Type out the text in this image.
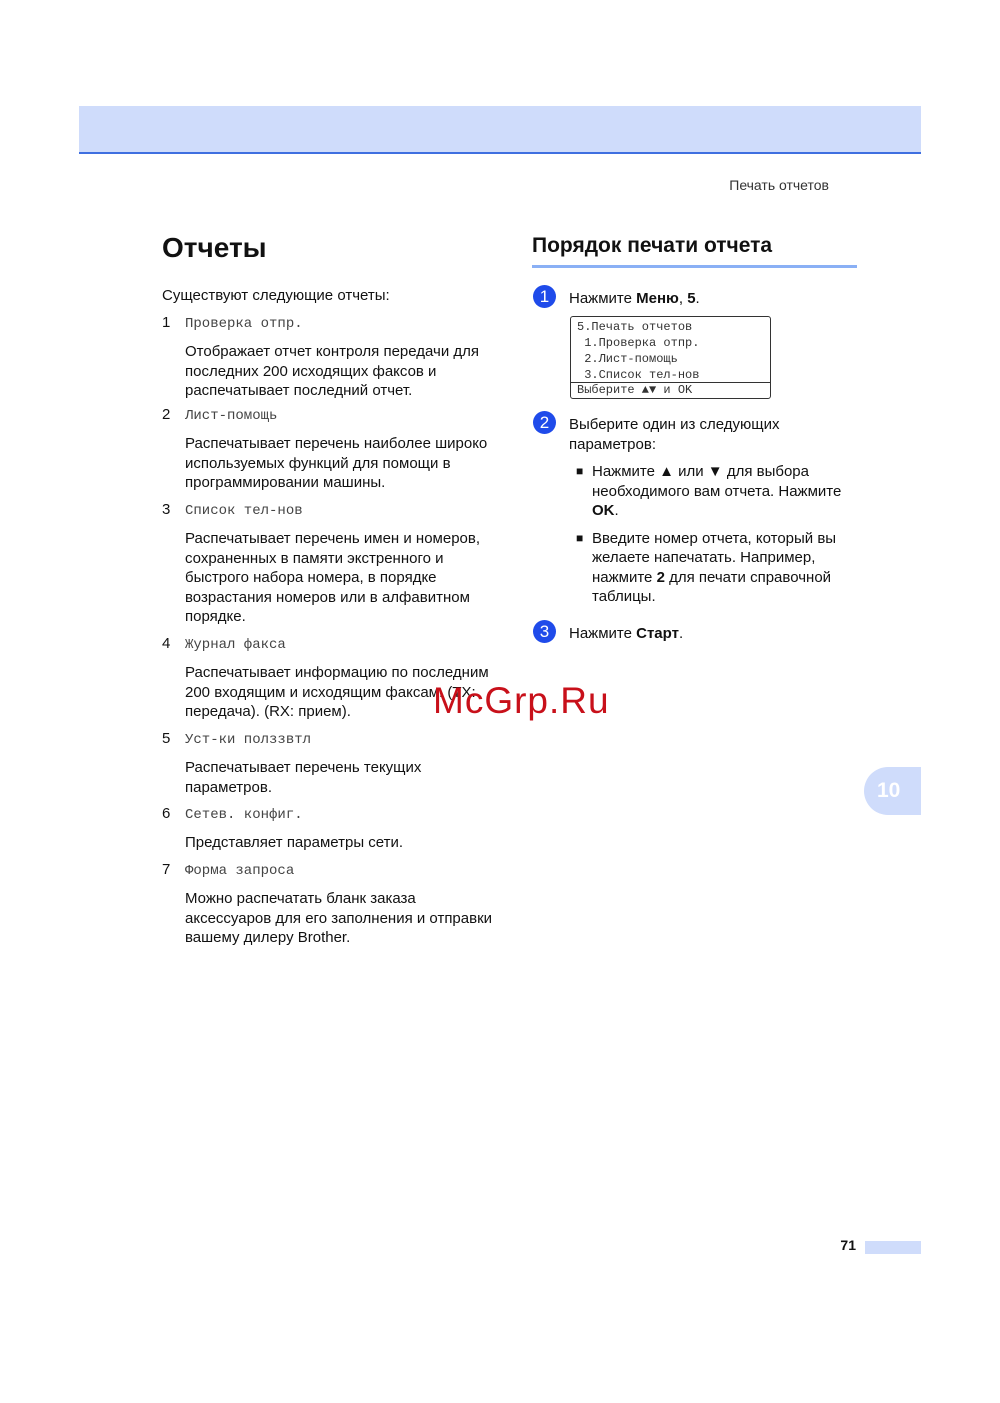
Печать отчетов
Отчеты

Существуют следующие отчеты:

1	Проверка отпр.
Отображает отчет контроля передачи для последних 200 исходящих факсов и распечатывает последний отчет.
2	Лист-помощь
Распечатывает перечень наиболее широко используемых функций для помощи в программировании машины.
3	Список тел-нов
Распечатывает перечень имен и номеров, сохраненных в памяти экстренного и быстрого набора номера, в порядке возрастания номеров или в алфавитном порядке.
4	Журнал факса
Распечатывает информацию по последним 200 входящим и исходящим факсам. (TX: передача). (RX: прием).
5	Уст-ки полззвтл
Распечатывает перечень текущих параметров.
6	Сетев. конфиг.
Представляет параметры сети.
7	Форма запроса
Можно распечатать бланк заказа аксессуаров для его заполнения и отправки вашему дилеру Brother.
Порядок печати отчета
1	Нажмите Меню, 5.
5.Печать отчетов
1.Проверка отпр.
2.Лист-помощь
3.Список тел-нов
Выберите ▲▼ и OK
2	Выберите один из следующих параметров:
■ Нажмите ▲ или ▼ для выбора необходимого вам отчета. Нажмите OK.
■ Введите номер отчета, который вы желаете напечатать. Например, нажмите 2 для печати справочной таблицы.
3	Нажмите Старт.
10
McGrp.Ru
71
